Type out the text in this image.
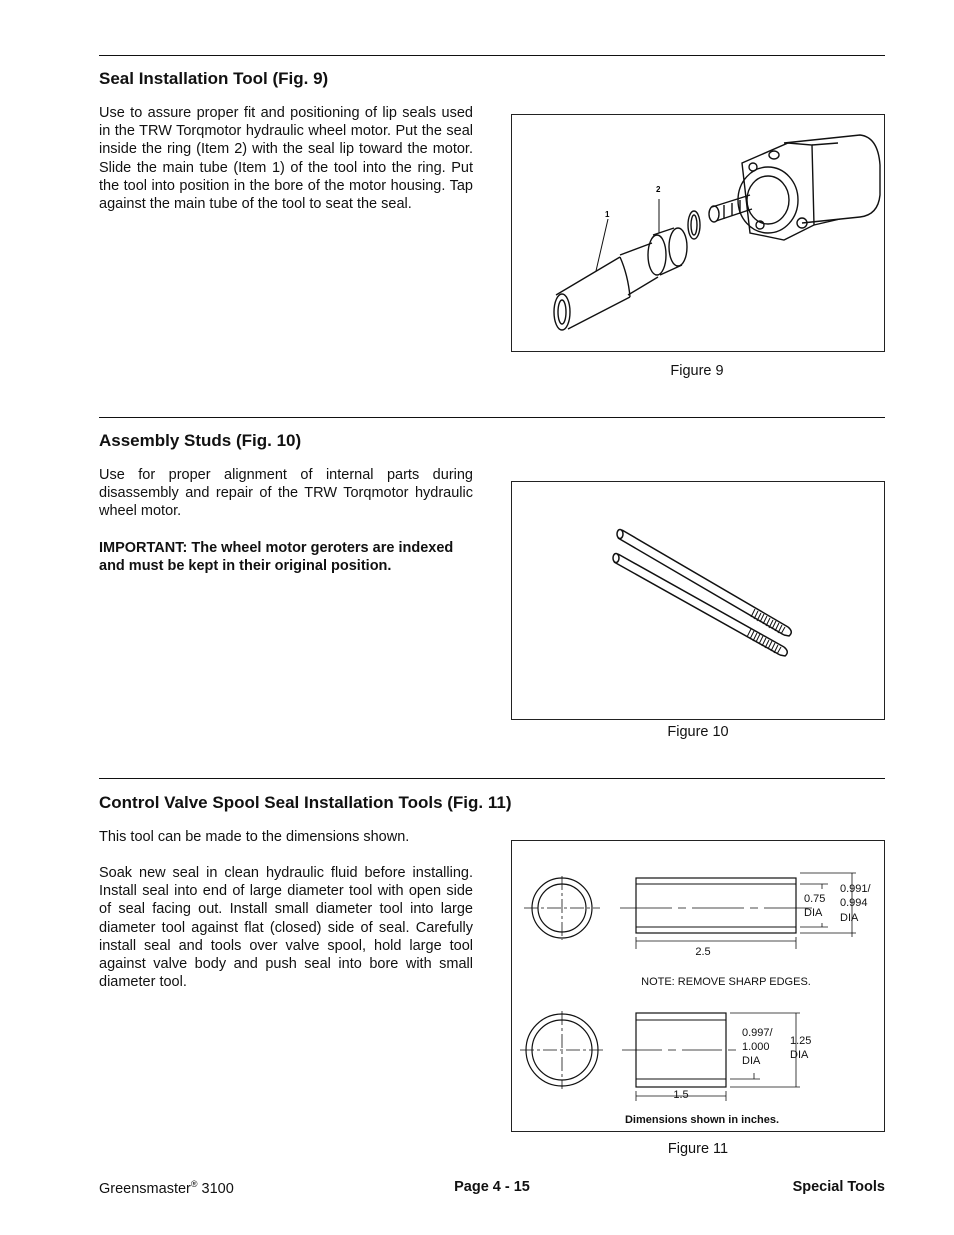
Seal Installation Tool (Fig. 9)

Use to assure proper fit and positioning of lip seals used in the TRW Torqmotor hydraulic wheel motor. Put the seal inside the ring (Item 2) with the seal lip toward the motor. Slide the main tube (Item 1) of the tool into the ring. Put the tool into position in the bore of the motor housing. Tap against the main tube of the tool to seat the seal.

1
2
Figure 9
Assembly Studs (Fig. 10)

Use for proper alignment of internal parts during disassembly and repair of the TRW Torqmotor hydraulic wheel motor.

IMPORTANT: The wheel motor geroters are indexed and must be kept in their original position.

Figure 10
Control Valve Spool Seal Installation Tools (Fig. 11)

This tool can be made to the dimensions shown.

Soak new seal in clean hydraulic fluid before installing. Install seal into end of large diameter tool with open side of seal facing out. Install small diameter tool into large diameter tool against flat (closed) side of seal. Carefully install seal and tools over valve spool, hold large tool against valve body and push seal into bore with small diameter tool.

2.5
0.75
DIA
0.991/
0.994
DIA
NOTE: REMOVE SHARP EDGES.
1.5
0.997/
1.000
DIA
1.25
DIA
Dimensions shown in inches.
Figure 11
Greensmaster® 3100	Page 4 - 15	Special Tools
